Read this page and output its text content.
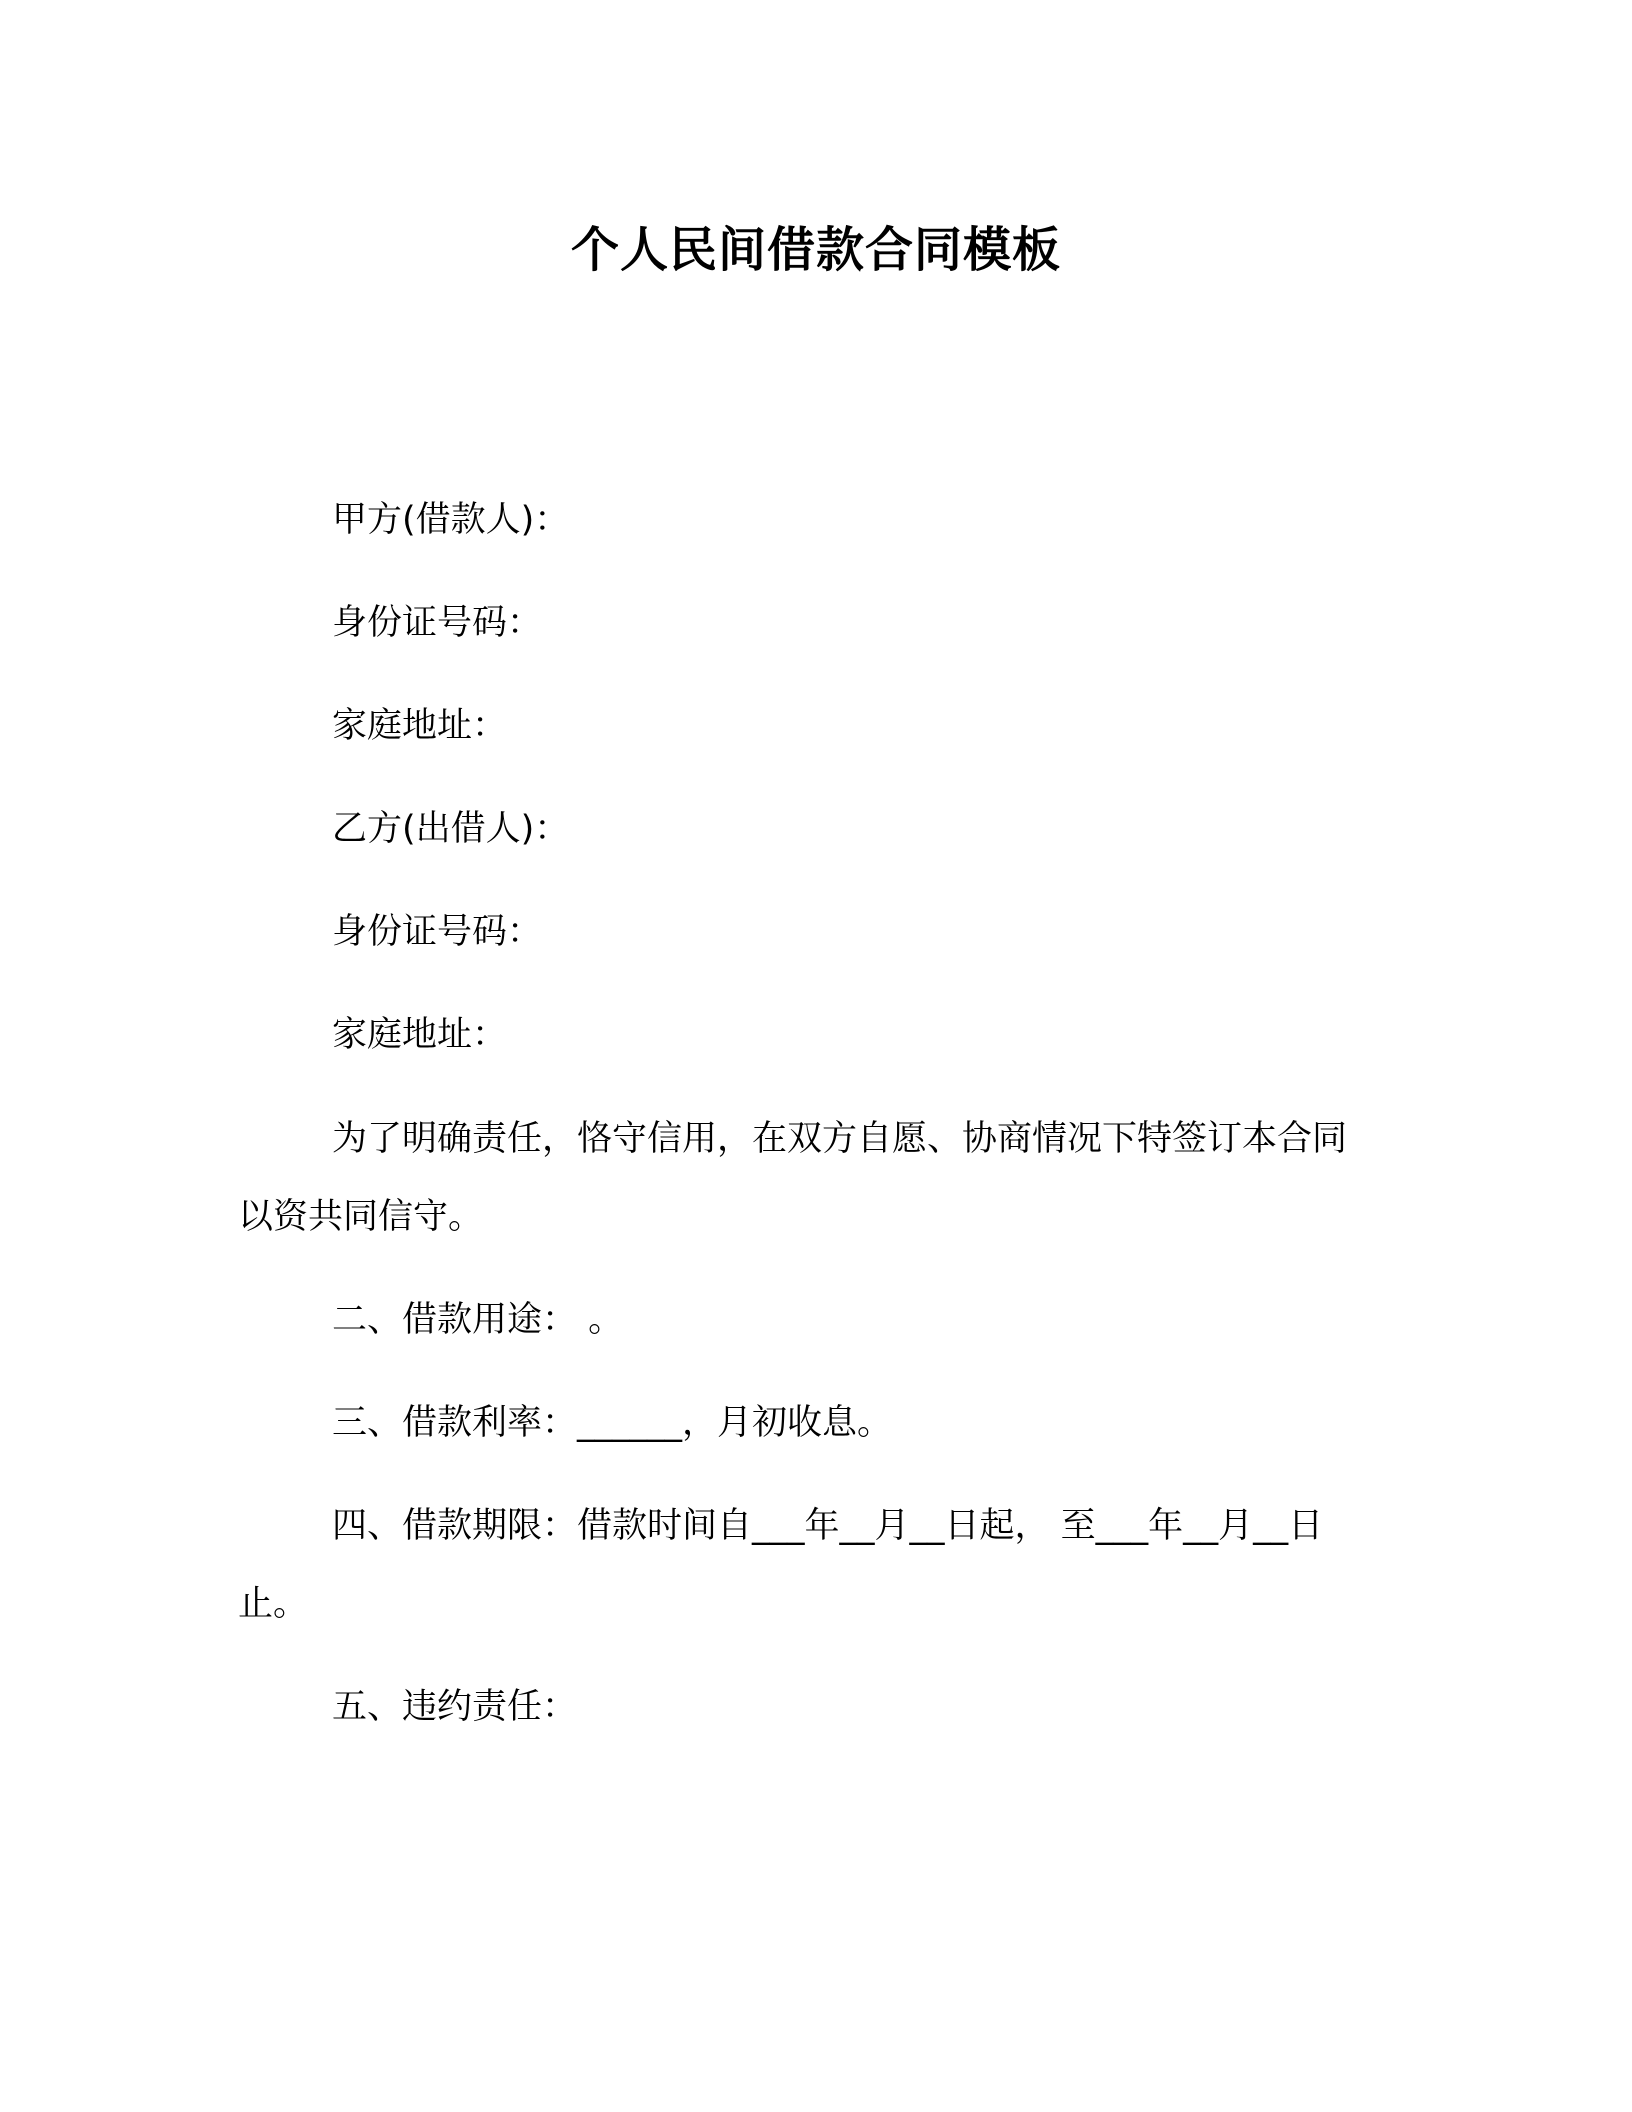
个人民间借款合同模板

甲方(借款人)：

身份证号码：

家庭地址：

乙方(出借人)：

身份证号码：

家庭地址：

为了明确责任，恪守信用，在双方自愿、协商情况下特签订本合同以资共同信守。

二、借款用途： 。

三、借款利率：______，月初收息。

四、借款期限：借款时间自___年__月__日起， 至___年__月__日止。

五、违约责任：
